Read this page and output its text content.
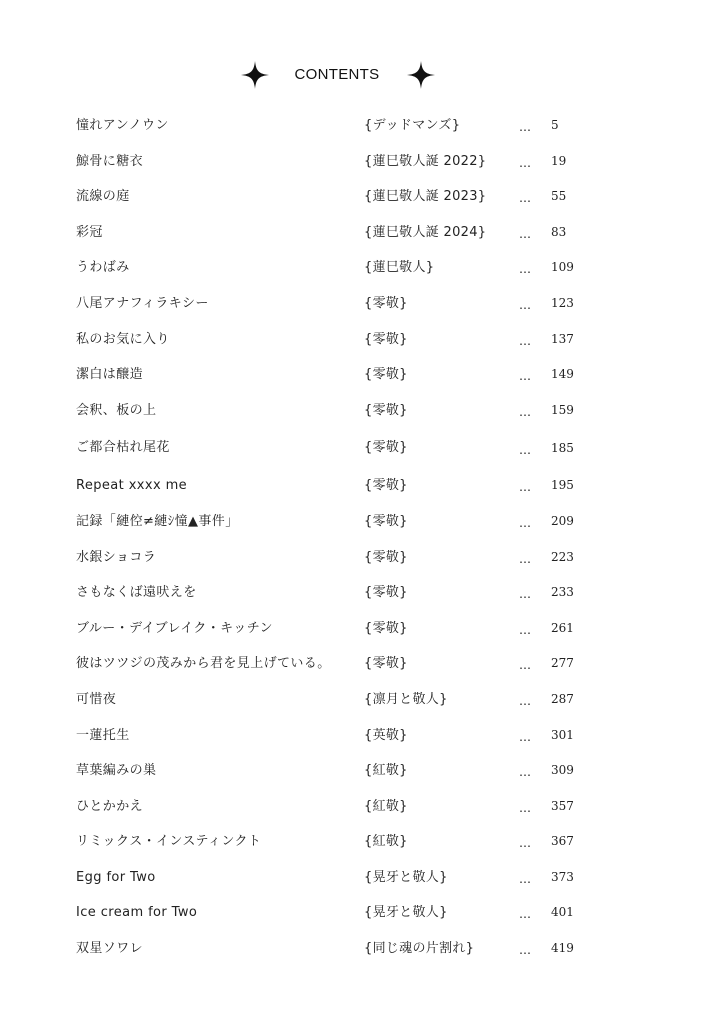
CONTENTS
憧れアンノウン	{デッドマンズ}	… 5
鯨骨に糖衣	{蓮巳敬人誕 2022}	… 19
流線の庭	{蓮巳敬人誕 2023}	… 55
彩冠	{蓮巳敬人誕 2024}	… 83
うわばみ	{蓮巳敬人}	… 109
八尾アナフィラキシー	{零敬}	… 123
私のお気に入り	{零敬}	… 137
潔白は醸造	{零敬}	… 149
会釈、板の上	{零敬}	… 159
ご都合枯れ尾花	{零敬}	… 185
Repeat xxxx me	{零敬}	… 195
記録「縺倥≠縺ｼ憧▲事件」	{零敬}	… 209
水銀ショコラ	{零敬}	… 223
さもなくば遠吠えを	{零敬}	… 233
ブルー・デイブレイク・キッチン	{零敬}	… 261
彼はツツジの茂みから君を見上げている。	{零敬}	… 277
可惜夜	{凛月と敬人}	… 287
一蓮托生	{英敬}	… 301
草葉編みの巣	{紅敬}	… 309
ひとかかえ	{紅敬}	… 357
リミックス・インスティンクト	{紅敬}	… 367
Egg for Two	{晃牙と敬人}	… 373
Ice cream for Two	{晃牙と敬人}	… 401
双星ソワレ	{同じ魂の片割れ}	… 419
